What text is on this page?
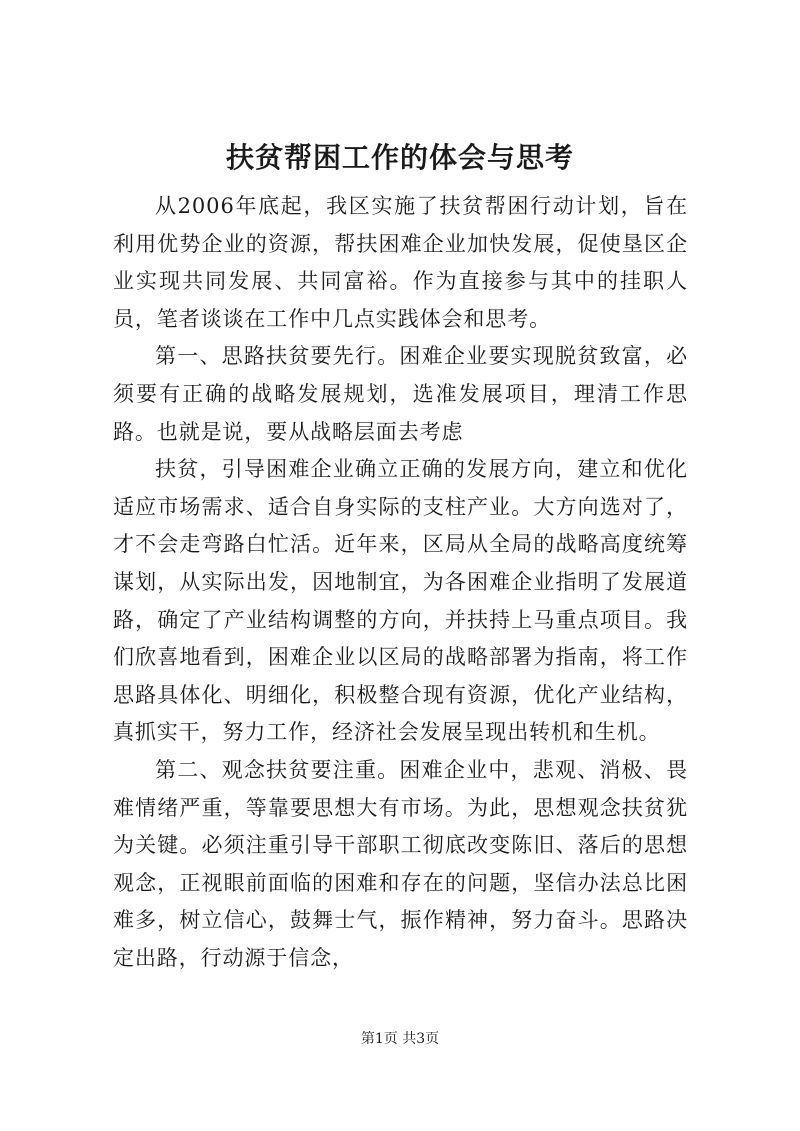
扶贫帮困工作的体会与思考

从2006年底起，我区实施了扶贫帮困行动计划，旨在利用优势企业的资源，帮扶困难企业加快发展，促使垦区企业实现共同发展、共同富裕。作为直接参与其中的挂职人员，笔者谈谈在工作中几点实践体会和思考。

第一、思路扶贫要先行。困难企业要实现脱贫致富，必须要有正确的战略发展规划，选准发展项目，理清工作思路。也就是说，要从战略层面去考虑

扶贫，引导困难企业确立正确的发展方向，建立和优化适应市场需求、适合自身实际的支柱产业。大方向选对了，才不会走弯路白忙活。近年来，区局从全局的战略高度统筹谋划，从实际出发，因地制宜，为各困难企业指明了发展道路，确定了产业结构调整的方向，并扶持上马重点项目。我们欣喜地看到，困难企业以区局的战略部署为指南，将工作思路具体化、明细化，积极整合现有资源，优化产业结构，真抓实干，努力工作，经济社会发展呈现出转机和生机。

第二、观念扶贫要注重。困难企业中，悲观、消极、畏难情绪严重，等靠要思想大有市场。为此，思想观念扶贫犹为关键。必须注重引导干部职工彻底改变陈旧、落后的思想观念，正视眼前面临的困难和存在的问题，坚信办法总比困难多，树立信心，鼓舞士气，振作精神，努力奋斗。思路决定出路，行动源于信念，

第1页 共3页
